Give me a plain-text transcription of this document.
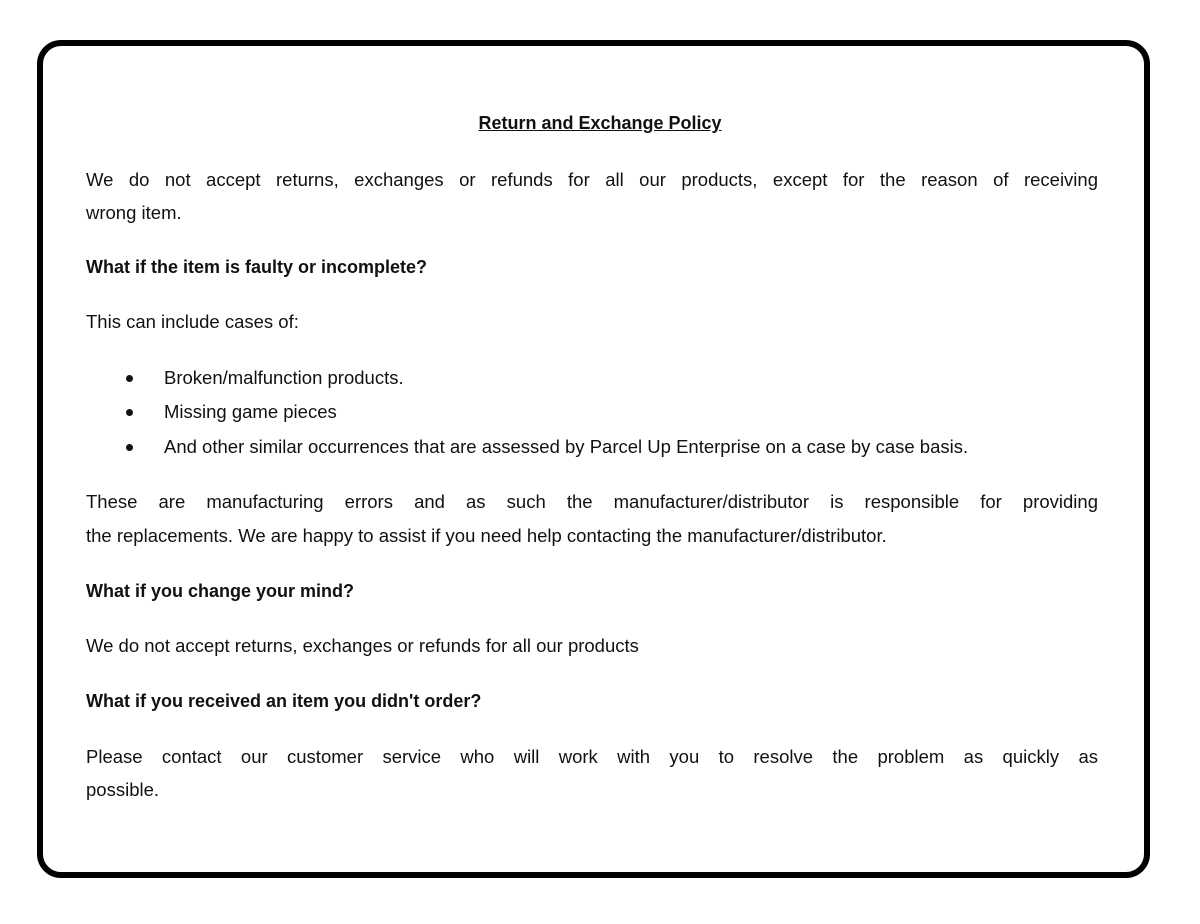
Return and Exchange Policy
We do not accept returns, exchanges or refunds for all our products, except for the reason of receiving
wrong item.
What if the item is faulty or incomplete?
This can include cases of:
Broken/malfunction products.
Missing game pieces
And other similar occurrences that are assessed by Parcel Up Enterprise on a case by case basis.
These are manufacturing errors and as such the manufacturer/distributor is responsible for providing
the replacements. We are happy to assist if you need help contacting the manufacturer/distributor.
What if you change your mind?
We do not accept returns, exchanges or refunds for all our products
What if you received an item you didn't order?
Please contact our customer service who will work with you to resolve the problem as quickly as
possible.
